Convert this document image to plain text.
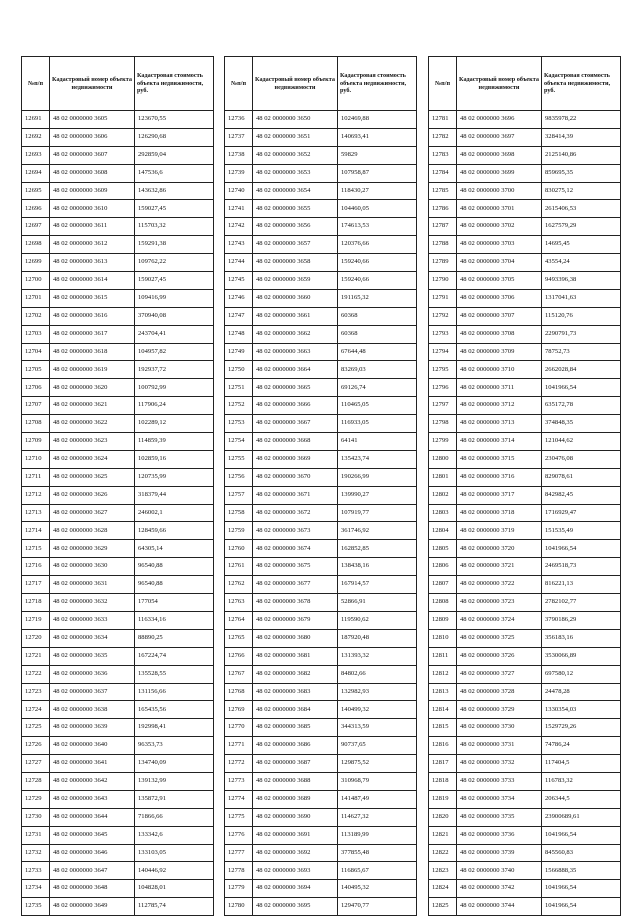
№п/п	Кадастровый номер объекта недвижимости	Кадастровая стоимость объекта недвижимости, руб.
12691	48 02 0000000 3605	123670,55
12692	48 02 0000000 3606	126290,68
12693	48 02 0000000 3607	292859,04
12694	48 02 0000000 3608	147536,6
12695	48 02 0000000 3609	143632,86
12696	48 02 0000000 3610	159027,45
12697	48 02 0000000 3611	115703,32
12698	48 02 0000000 3612	159291,38
12699	48 02 0000000 3613	109762,22
12700	48 02 0000000 3614	159027,45
12701	48 02 0000000 3615	109416,99
12702	48 02 0000000 3616	370940,08
12703	48 02 0000000 3617	243704,41
12704	48 02 0000000 3618	104957,82
12705	48 02 0000000 3619	192937,72
12706	48 02 0000000 3620	100792,99
12707	48 02 0000000 3621	117906,24
12708	48 02 0000000 3622	102289,12
12709	48 02 0000000 3623	114859,39
12710	48 02 0000000 3624	102859,16
12711	48 02 0000000 3625	120735,99
12712	48 02 0000000 3626	318379,44
12713	48 02 0000000 3627	246002,1
12714	48 02 0000000 3628	128459,66
12715	48 02 0000000 3629	64305,14
12716	48 02 0000000 3630	96540,88
12717	48 02 0000000 3631	96540,88
12718	48 02 0000000 3632	177054
12719	48 02 0000000 3633	116334,16
12720	48 02 0000000 3634	88890,25
12721	48 02 0000000 3635	167224,74
12722	48 02 0000000 3636	135528,55
12723	48 02 0000000 3637	131156,66
12724	48 02 0000000 3638	165435,56
12725	48 02 0000000 3639	192998,41
12726	48 02 0000000 3640	96353,73
12727	48 02 0000000 3641	134740,09
12728	48 02 0000000 3642	139132,99
12729	48 02 0000000 3643	135872,91
12730	48 02 0000000 3644	71866,66
12731	48 02 0000000 3645	133342,6
12732	48 02 0000000 3646	133103,05
12733	48 02 0000000 3647	140446,92
12734	48 02 0000000 3648	104828,01
12735	48 02 0000000 3649	112785,74
№п/п	Кадастровый номер объекта недвижимости	Кадастровая стоимость объекта недвижимости, руб.
12736	48 02 0000000 3650	102469,88
12737	48 02 0000000 3651	140693,41
12738	48 02 0000000 3652	59829
12739	48 02 0000000 3653	107958,87
12740	48 02 0000000 3654	118430,27
12741	48 02 0000000 3655	104460,05
12742	48 02 0000000 3656	174613,53
12743	48 02 0000000 3657	120376,66
12744	48 02 0000000 3658	159240,66
12745	48 02 0000000 3659	159240,66
12746	48 02 0000000 3660	191165,32
12747	48 02 0000000 3661	60368
12748	48 02 0000000 3662	60368
12749	48 02 0000000 3663	67644,48
12750	48 02 0000000 3664	83269,03
12751	48 02 0000000 3665	69126,74
12752	48 02 0000000 3666	110465,05
12753	48 02 0000000 3667	116933,05
12754	48 02 0000000 3668	64141
12755	48 02 0000000 3669	135423,74
12756	48 02 0000000 3670	190266,99
12757	48 02 0000000 3671	139990,27
12758	48 02 0000000 3672	107919,77
12759	48 02 0000000 3673	361746,92
12760	48 02 0000000 3674	162852,85
12761	48 02 0000000 3675	138438,16
12762	48 02 0000000 3677	167914,57
12763	48 02 0000000 3678	52866,91
12764	48 02 0000000 3679	119590,62
12765	48 02 0000000 3680	187920,48
12766	48 02 0000000 3681	131393,32
12767	48 02 0000000 3682	84802,66
12768	48 02 0000000 3683	132982,93
12769	48 02 0000000 3684	140499,32
12770	48 02 0000000 3685	344313,59
12771	48 02 0000000 3686	90737,65
12772	48 02 0000000 3687	129875,52
12773	48 02 0000000 3688	310968,79
12774	48 02 0000000 3689	141487,49
12775	48 02 0000000 3690	114627,32
12776	48 02 0000000 3691	113189,99
12777	48 02 0000000 3692	377855,48
12778	48 02 0000000 3693	116865,67
12779	48 02 0000000 3694	140495,32
12780	48 02 0000000 3695	129470,77
№п/п	Кадастровый номер объекта недвижимости	Кадастровая стоимость объекта недвижимости, руб.
12781	48 02 0000000 3696	9835978,22
12782	48 02 0000000 3697	328414,39
12783	48 02 0000000 3698	2125140,86
12784	48 02 0000000 3699	859695,35
12785	48 02 0000000 3700	830275,12
12786	48 02 0000000 3701	2615406,53
12787	48 02 0000000 3702	1627579,29
12788	48 02 0000000 3703	14695,45
12789	48 02 0000000 3704	43554,24
12790	48 02 0000000 3705	9493396,38
12791	48 02 0000000 3706	1317041,63
12792	48 02 0000000 3707	115120,76
12793	48 02 0000000 3708	2290791,73
12794	48 02 0000000 3709	78752,73
12795	48 02 0000000 3710	2662028,84
12796	48 02 0000000 3711	1041966,54
12797	48 02 0000000 3712	635172,78
12798	48 02 0000000 3713	374848,35
12799	48 02 0000000 3714	121044,62
12800	48 02 0000000 3715	230476,08
12801	48 02 0000000 3716	829078,61
12802	48 02 0000000 3717	842982,45
12803	48 02 0000000 3718	1716929,47
12804	48 02 0000000 3719	151535,49
12805	48 02 0000000 3720	1041966,54
12806	48 02 0000000 3721	2469518,73
12807	48 02 0000000 3722	816221,13
12808	48 02 0000000 3723	2782102,77
12809	48 02 0000000 3724	3790186,29
12810	48 02 0000000 3725	356183,16
12811	48 02 0000000 3726	3530066,89
12812	48 02 0000000 3727	697580,12
12813	48 02 0000000 3728	24478,28
12814	48 02 0000000 3729	1330354,03
12815	48 02 0000000 3730	1529729,26
12816	48 02 0000000 3731	74786,24
12817	48 02 0000000 3732	117404,5
12818	48 02 0000000 3733	116783,32
12819	48 02 0000000 3734	206344,5
12820	48 02 0000000 3735	23900689,61
12821	48 02 0000000 3736	1041966,54
12822	48 02 0000000 3739	845560,83
12823	48 02 0000000 3740	1566888,35
12824	48 02 0000000 3742	1041966,54
12825	48 02 0000000 3744	1041966,54
